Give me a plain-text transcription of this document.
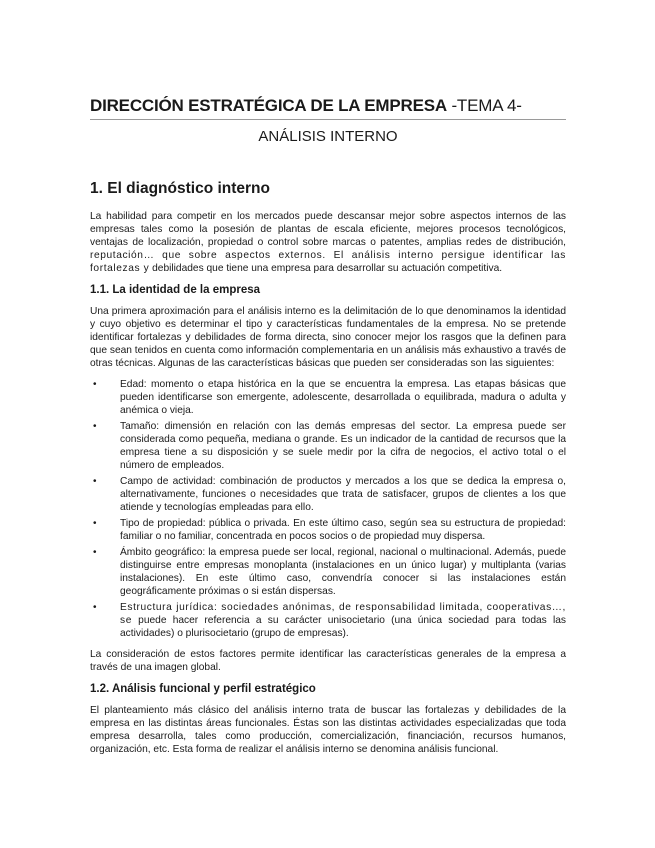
DIRECCIÓN ESTRATÉGICA DE LA EMPRESA -TEMA 4-
ANÁLISIS INTERNO
1. El diagnóstico interno

La habilidad para competir en los mercados puede descansar mejor sobre aspectos internos de las empresas tales como la posesión de plantas de escala eficiente, mejores procesos tecnológicos, ventajas de localización, propiedad o control sobre marcas o patentes, amplias redes de distribución, reputación… que sobre aspectos externos. El análisis interno persigue identificar las fortalezas y debilidades que tiene una empresa para desarrollar su actuación competitiva.

1.1. La identidad de la empresa

Una primera aproximación para el análisis interno es la delimitación de lo que denominamos la identidad y cuyo objetivo es determinar el tipo y características fundamentales de la empresa. No se pretende identificar fortalezas y debilidades de forma directa, sino conocer mejor los rasgos que la definen para que sean tenidos en cuenta como información complementaria en un análisis más exhaustivo a través de otras técnicas. Algunas de las características básicas que pueden ser consideradas son las siguientes:

• Edad: momento o etapa histórica en la que se encuentra la empresa. Las etapas básicas que pueden identificarse son emergente, adolescente, desarrollada o equilibrada, madura o adulta y anémica o vieja.
• Tamaño: dimensión en relación con las demás empresas del sector. La empresa puede ser considerada como pequeña, mediana o grande. Es un indicador de la cantidad de recursos que la empresa tiene a su disposición y se suele medir por la cifra de negocios, el activo total o el número de empleados.
• Campo de actividad: combinación de productos y mercados a los que se dedica la empresa o, alternativamente, funciones o necesidades que trata de satisfacer, grupos de clientes a los que atiende y tecnologías empleadas para ello.
• Tipo de propiedad: pública o privada. En este último caso, según sea su estructura de propiedad: familiar o no familiar, concentrada en pocos socios o de propiedad muy dispersa.
• Ámbito geográfico: la empresa puede ser local, regional, nacional o multinacional. Además, puede distinguirse entre empresas monoplanta (instalaciones en un único lugar) y multiplanta (varias instalaciones). En este último caso, convendría conocer si las instalaciones están geográficamente próximas o si están dispersas.
• Estructura jurídica: sociedades anónimas, de responsabilidad limitada, cooperativas…, se puede hacer referencia a su carácter unisocietario (una única sociedad para todas las actividades) o plurisocietario (grupo de empresas).

La consideración de estos factores permite identificar las características generales de la empresa a través de una imagen global.

1.2. Análisis funcional y perfil estratégico

El planteamiento más clásico del análisis interno trata de buscar las fortalezas y debilidades de la empresa en las distintas áreas funcionales. Éstas son las distintas actividades especializadas que toda empresa desarrolla, tales como producción, comercialización, financiación, recursos humanos, organización, etc. Esta forma de realizar el análisis interno se denomina análisis funcional.
